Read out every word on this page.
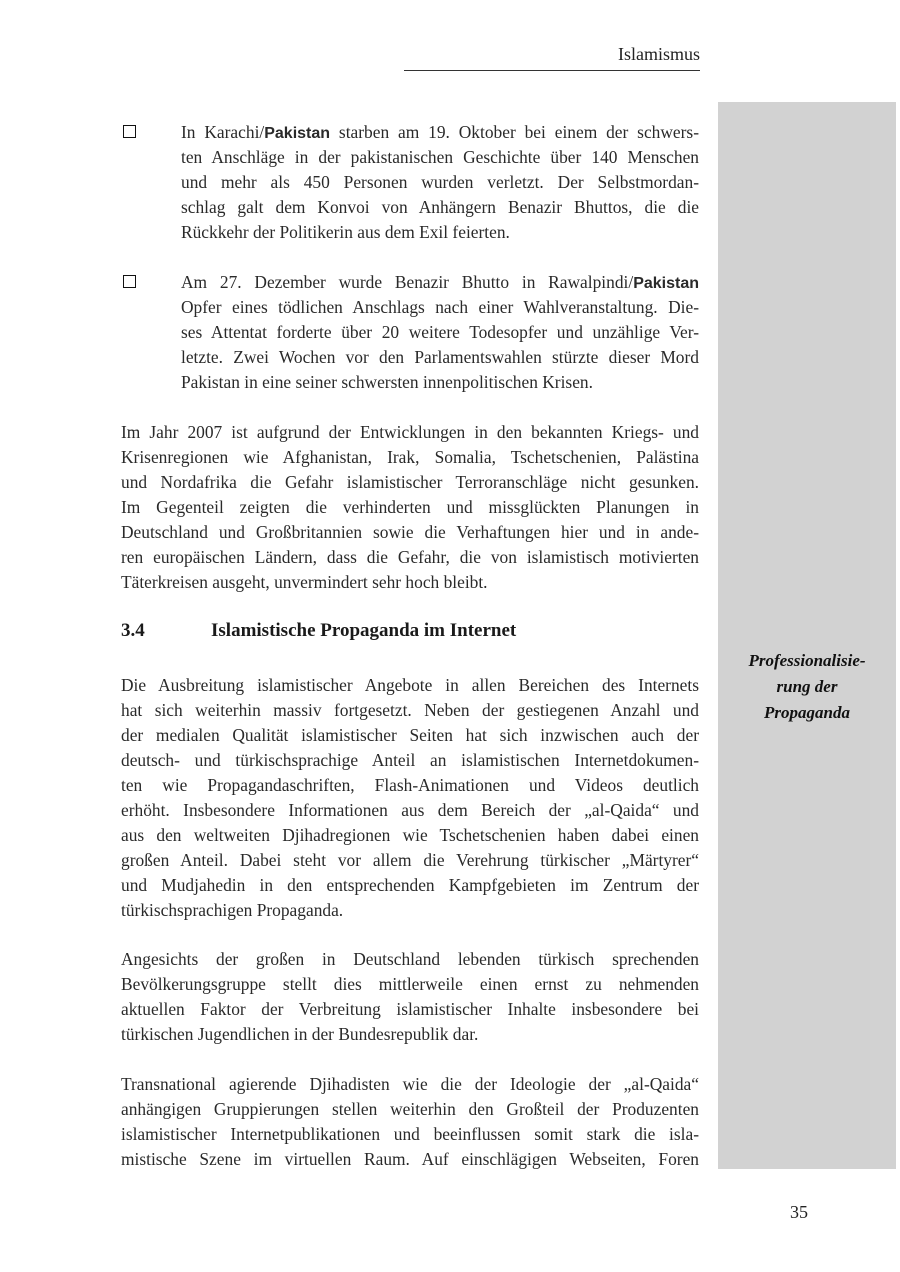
Islamismus
In Karachi/Pakistan starben am 19. Oktober bei einem der schwers-
ten Anschläge in der pakistanischen Geschichte über 140 Menschen
und mehr als 450 Personen wurden verletzt. Der Selbstmordan-
schlag galt dem Konvoi von Anhängern Benazir Bhuttos, die die
Rückkehr der Politikerin aus dem Exil feierten.
Am 27. Dezember wurde Benazir Bhutto in Rawalpindi/Pakistan
Opfer eines tödlichen Anschlags nach einer Wahlveranstaltung. Die-
ses Attentat forderte über 20 weitere Todesopfer und unzählige Ver-
letzte. Zwei Wochen vor den Parlamentswahlen stürzte dieser Mord
Pakistan in eine seiner schwersten innenpolitischen Krisen.
Im Jahr 2007 ist aufgrund der Entwicklungen in den bekannten Kriegs- und
Krisenregionen wie Afghanistan, Irak, Somalia, Tschetschenien, Palästina
und Nordafrika die Gefahr islamistischer Terroranschläge nicht gesunken.
Im Gegenteil zeigten die verhinderten und missglückten Planungen in
Deutschland und Großbritannien sowie die Verhaftungen hier und in ande-
ren europäischen Ländern, dass die Gefahr, die von islamistisch motivierten
Täterkreisen ausgeht, unvermindert sehr hoch bleibt.
3.4	Islamistische Propaganda im Internet
Professionalisie-
rung der
Propaganda
Die Ausbreitung islamistischer Angebote in allen Bereichen des Internets
hat sich weiterhin massiv fortgesetzt. Neben der gestiegenen Anzahl und
der medialen Qualität islamistischer Seiten hat sich inzwischen auch der
deutsch- und türkischsprachige Anteil an islamistischen Internetdokumen-
ten wie Propagandaschriften, Flash-Animationen und Videos deutlich
erhöht. Insbesondere Informationen aus dem Bereich der „al-Qaida“ und
aus den weltweiten Djihadregionen wie Tschetschenien haben dabei einen
großen Anteil. Dabei steht vor allem die Verehrung türkischer „Märtyrer“
und Mudjahedin in den entsprechenden Kampfgebieten im Zentrum der
türkischsprachigen Propaganda.
Angesichts der großen in Deutschland lebenden türkisch sprechenden
Bevölkerungsgruppe stellt dies mittlerweile einen ernst zu nehmenden
aktuellen Faktor der Verbreitung islamistischer Inhalte insbesondere bei
türkischen Jugendlichen in der Bundesrepublik dar.
Transnational agierende Djihadisten wie die der Ideologie der „al-Qaida“
anhängigen Gruppierungen stellen weiterhin den Großteil der Produzenten
islamistischer Internetpublikationen und beeinflussen somit stark die isla-
mistische Szene im virtuellen Raum. Auf einschlägigen Webseiten, Foren
35
